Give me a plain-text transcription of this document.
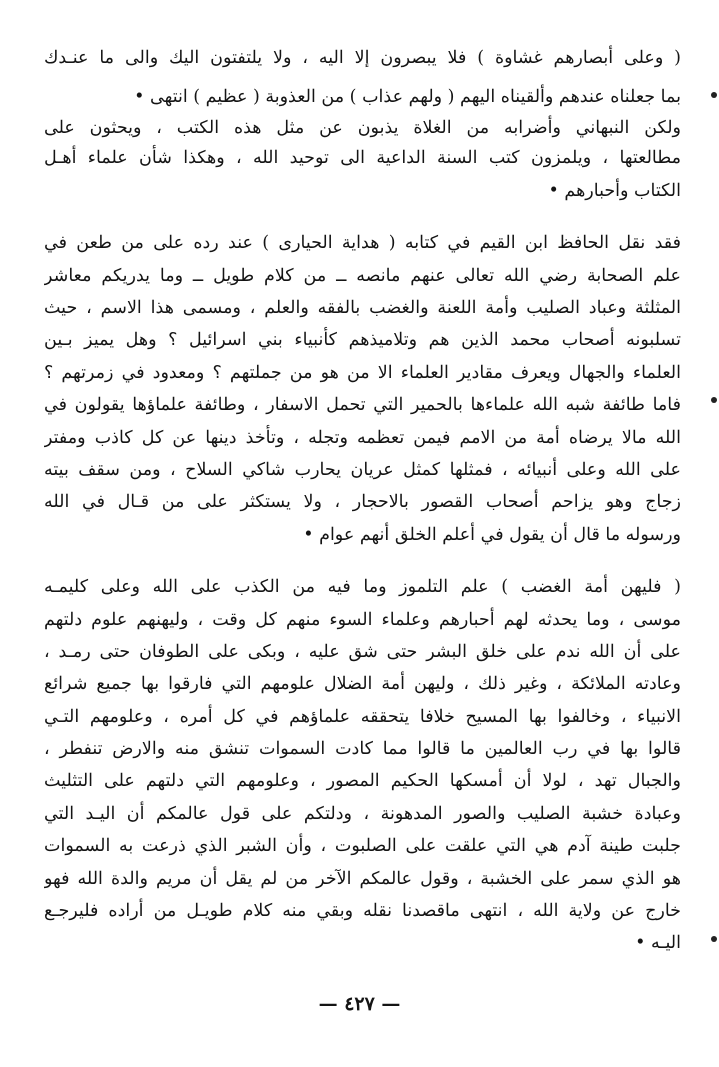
( وعلى أبصارهم غشاوة ) فلا يبصرون إلا اليه ، ولا يلتفتون اليك والى ما عنـدك
بما جعلناه عندهم وألقيناه اليهم ( ولهم عذاب ) من العذوبة ( عظيم ) انتهى •
ولكن النبهاني وأضرابه من الغلاة يذبون عن مثل هذه الكتب ، ويحثون على
مطالعتها ، ويلمزون كتب السنة الداعية الى توحيد الله ، وهكذا شأن علماء أهـل
الكتاب وأحبارهم •
فقد نقل الحافظ ابن القيم في كتابه ( هداية الحيارى ) عند رده على من طعن في
علم الصحابة رضي الله تعالى عنهم مانصه ــ من كلام طويل ــ وما يدريكم معاشر
المثلثة وعباد الصليب وأمة اللعنة والغضب بالفقه والعلم ، ومسمى هذا الاسم ، حيث
تسلبونه أصحاب محمد الذين هم وتلاميذهم كأنبياء بني اسرائيل ؟ وهل يميز بـين
العلماء والجهال ويعرف مقادير العلماء الا من هو من جملتهم ؟ ومعدود في زمرتهم ؟
فاما طائفة شبه الله علماءها بالحمير التي تحمل الاسفار ، وطائفة علماؤها يقولون في
الله مالا يرضاه أمة من الامم فيمن تعظمه وتجله ، وتأخذ دينها عن كل كاذب ومفتر
على الله وعلى أنبيائه ، فمثلها كمثل عريان يحارب شاكي السلاح ، ومن سقف بيته
زجاج وهو يزاحم أصحاب القصور بالاحجار ، ولا يستكثر على من قـال في الله
ورسوله ما قال أن يقول في أعلم الخلق أنهم عوام •
( فليهن أمة الغضب ) علم التلموز وما فيه من الكذب على الله وعلى كليمـه
موسى ، وما يحدثه لهم أحبارهم وعلماء السوء منهم كل وقت ، وليهنهم علوم دلتهم
على أن الله ندم على خلق البشر حتى شق عليه ، وبكى على الطوفان حتى رمـد ،
وعادته الملائكة ، وغير ذلك ، وليهن أمة الضلال علومهم التي فارقوا بها جميع شرائع
الانبياء ، وخالفوا بها المسيح خلافا يتحققه علماؤهم في كل أمره ، وعلومهم التـي
قالوا بها في رب العالمين ما قالوا مما كادت السموات تنشق منه والارض تنفطر ،
والجبال تهد ، لولا أن أمسكها الحكيم المصور ، وعلومهم التي دلتهم على التثليث
وعبادة خشبة الصليب والصور المدهونة ، ودلتكم على قول عالمكم أن اليـد التي
جلبت طينة آدم هي التي علقت على الصلبوت ، وأن الشبر الذي ذرعت به السموات
هو الذي سمر على الخشبة ، وقول عالمكم الآخر من لم يقل أن مريم والدة الله فهو
خارج عن ولاية الله ، انتهى ماقصدنا نقله وبقي منه كلام طويـل من أراده فليرجـع
اليـه •
— ٤٢٧ —
